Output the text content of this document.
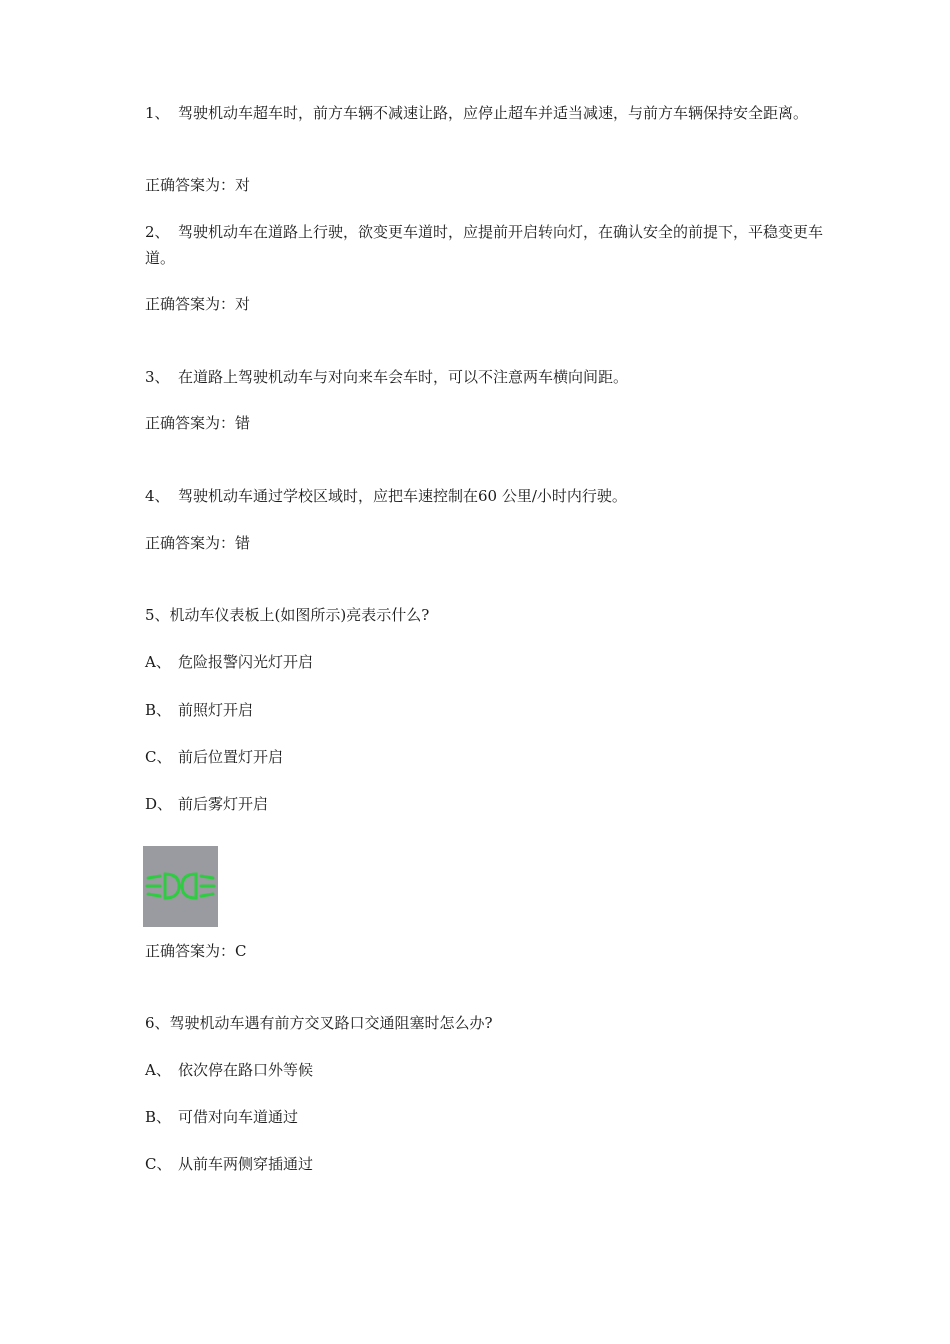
1、 驾驶机动车超车时，前方车辆不减速让路，应停止超车并适当减速，与前方车辆保持安全距离。
正确答案为：对
2、 驾驶机动车在道路上行驶，欲变更车道时，应提前开启转向灯，在确认安全的前提下，平稳变更车道。
正确答案为：对
3、 在道路上驾驶机动车与对向来车会车时，可以不注意两车横向间距。
正确答案为：错
4、 驾驶机动车通过学校区域时，应把车速控制在60 公里/小时内行驶。
正确答案为：错
5、机动车仪表板上(如图所示)亮表示什么?
A、 危险报警闪光灯开启
B、 前照灯开启
C、 前后位置灯开启
D、 前后雾灯开启
正确答案为：C
6、驾驶机动车遇有前方交叉路口交通阻塞时怎么办?
A、 依次停在路口外等候
B、 可借对向车道通过
C、 从前车两侧穿插通过
